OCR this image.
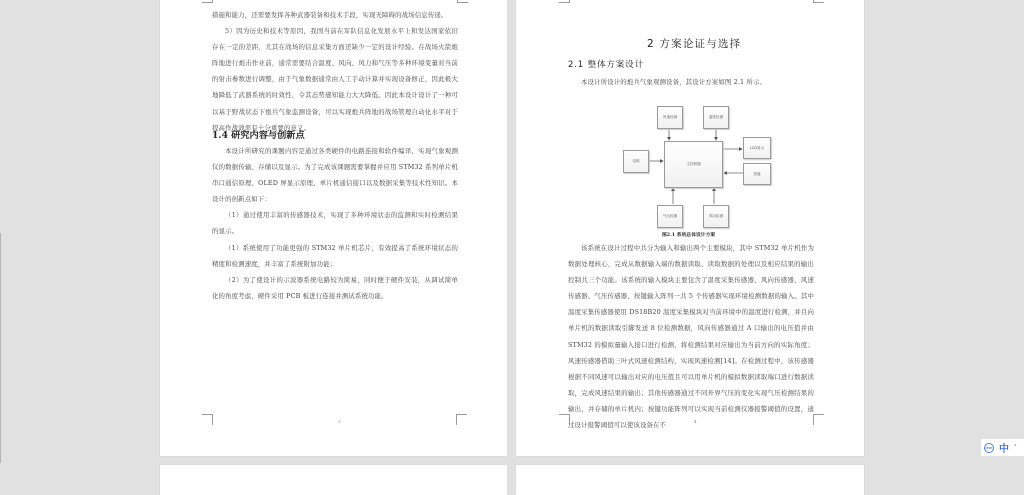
措施和能力，还需要发挥各种武器装备和技术手段，实现无障碍的战场信息传递。

5）因为历史和技术等原因，我国当前在军队信息化发展水平上和发达国家依旧存在一定的差距，尤其在战场的信息采集方面还缺少一定的设计经验。在战场火箭炮阵地进行炮击作业前，通常需要结合温度、风向、风力和气压等多种环境变量对当前的射击参数进行调整，由于气象数据通常由人工手动计算并实现设备修正，因此极大地降低了武器系统的时效性，令其态势感知能力大大降低。因此本设计设计了一种可以基于野战状态下炮兵气象监测设备，可以实现炮兵阵地的战场管理自动化水平对于提高作战效率有十分重要的意义。

1.4 研究内容与创新点

本设计所研究的课题内容是通过各类硬件的电路连接和软件编译，实现气象观测仪的数据传输、存储以及显示。为了完成该课题需要掌握并应用 STM32 系列单片机串口通信原理、OLED 屏显示原理、单片机通信接口以及数据采集等技术性知识。本设计的创新点如下：

（1）通过使用丰富的传感器技术，实现了多种环境状态的监测和实时检测结果的显示。

（1）系统使用了功能更强的 STM32 单片机芯片，有效提高了系统环境状态的精度和检测速度，并丰富了系统附加功能；

（2）为了使设计的示波器系统电路较为简易，同时便于硬件安装，从调试简单化的角度考虑，硬件采用 PCB 板进行连接并测试系统功能。

3
2 方案论证与选择
2.1 整体方案设计

本设计所设计的炮兵气象观测设备，其设计方案如图 2.1 所示。

风速检测	温度检测
电源
主控制器
LCD显示
按键
气压检测	风向检测
图2.1 系统总体设计方案

该系统在设计过程中共分为输入和输出两个主要模块，其中 STM32 单片机作为数据处理核心，完成从数据输入端的数据读取、读取数据的处理以及相应结果的输出控制共三个功能。该系统的输入模块主要包含了温度采集传感器、风向传感器、风速传感器、气压传感器、按键输入阵列一共 5 个传感器实现环境检测数据的输入。其中温度采集传感器使用 DS18B20 温度采集模块对当前环境中的温度进行检测，并且向单片机的数据读取引脚发送 8 位检测数据，风向传感器通过 A 口输出的电压值并由 STM32 的模拟量输入接口进行检测，将检测结果对应输出为当前方向的实际角度；风速传感器借助三叶式风速检测结构，实现风速检测[14]。在检测过程中，该传感器根据不同风速可以输出对应的电压值且可以用单片机的模拟数据读取端口进行数据读取，完成风速结果的输出；其他传感器通过不同外界气压的变化实现气压检测结果的输出，并存储的单片机内；按键功能阵列可以实现当前检测仪器报警阈值的设置，通过设计报警阈值可以使该设备在不	4
iFLY 中 '
